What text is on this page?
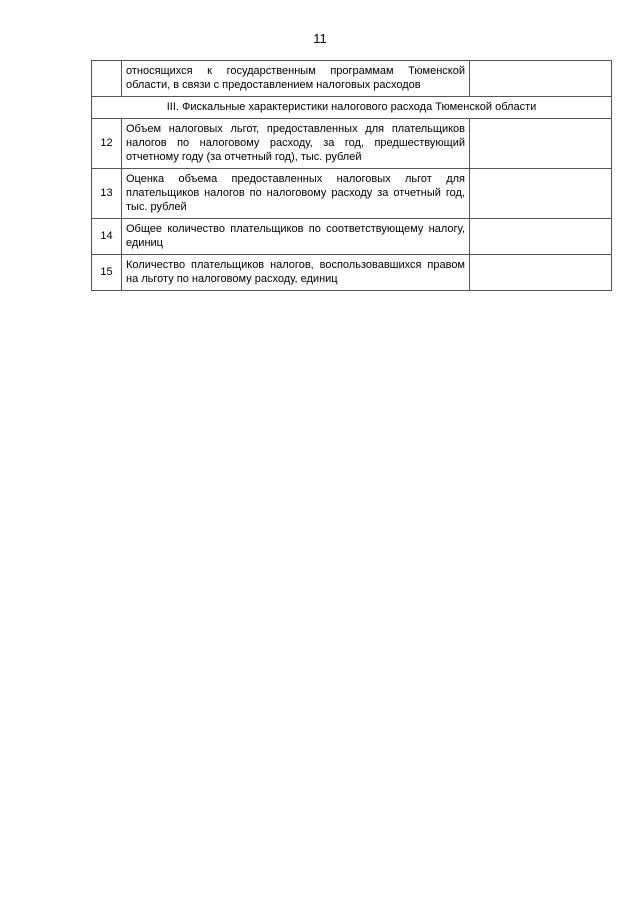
11
	относящихся к государственным программам Тюменской области, в связи с предоставлением налоговых расходов	
III. Фискальные характеристики налогового расхода Тюменской области		
12	Объем налоговых льгот, предоставленных для плательщиков налогов по налоговому расходу, за год, предшествующий отчетному году (за отчетный год), тыс. рублей	
13	Оценка объема предоставленных налоговых льгот для плательщиков налогов по налоговому расходу за отчетный год, тыс. рублей	
14	Общее количество плательщиков по соответствующему налогу, единиц	
15	Количество плательщиков налогов, воспользовавшихся правом на льготу по налоговому расходу, единиц	
